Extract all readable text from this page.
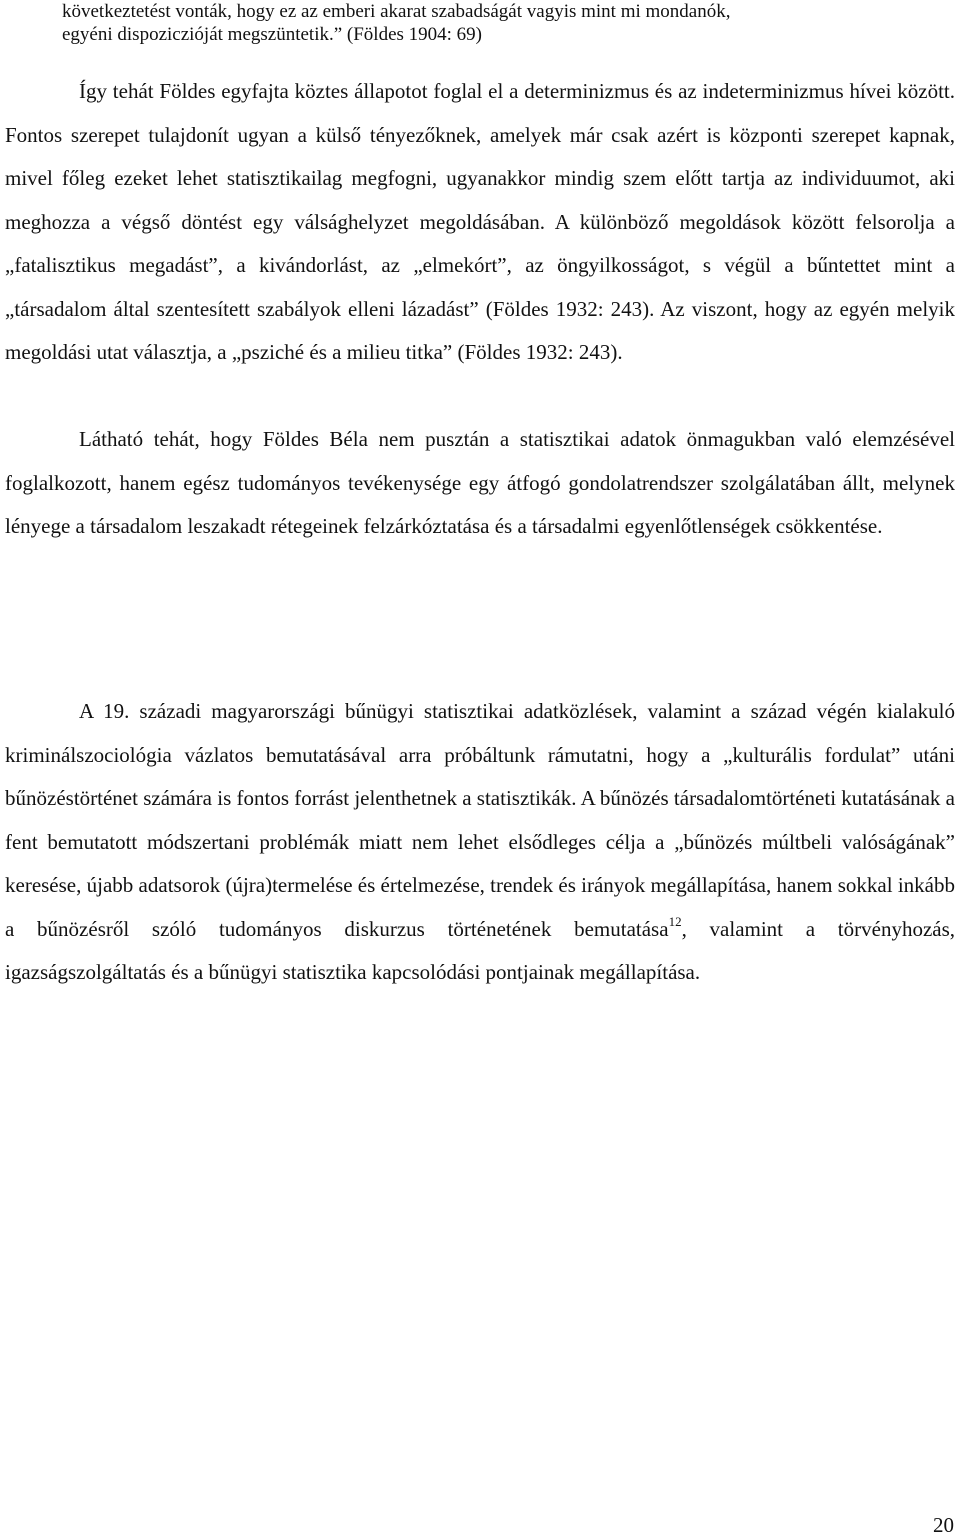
következtetést vonták, hogy ez az emberi akarat szabadságát vagyis mint mi mondanók,
egyéni dispoziczióját megszüntetik.” (Földes 1904: 69)

Így tehát Földes egyfajta köztes állapotot foglal el a determinizmus és az indeterminizmus hívei között. Fontos szerepet tulajdonít ugyan a külső tényezőknek, amelyek már csak azért is központi szerepet kapnak, mivel főleg ezeket lehet statisztikailag megfogni, ugyanakkor mindig szem előtt tartja az individuumot, aki meghozza a végső döntést egy válsághelyzet megoldásában. A különböző megoldások között felsorolja a „fatalisztikus megadást”, a kivándorlást, az „elmekórt”, az öngyilkosságot, s végül a bűntettet mint a „társadalom által szentesített szabályok elleni lázadást” (Földes 1932: 243). Az viszont, hogy az egyén melyik megoldási utat választja, a „psziché és a milieu titka” (Földes 1932: 243).

Látható tehát, hogy Földes Béla nem pusztán a statisztikai adatok önmagukban való elemzésével foglalkozott, hanem egész tudományos tevékenysége egy átfogó gondolatrendszer szolgálatában állt, melynek lényege a társadalom leszakadt rétegeinek felzárkóztatása és a társadalmi egyenlőtlenségek csökkentése.

A 19. századi magyarországi bűnügyi statisztikai adatközlések, valamint a század végén kialakuló kriminálszociológia vázlatos bemutatásával arra próbáltunk rámutatni, hogy a „kulturális fordulat” utáni bűnözéstörténet számára is fontos forrást jelenthetnek a statisztikák. A bűnözés társadalomtörténeti kutatásának a fent bemutatott módszertani problémák miatt nem lehet elsődleges célja a „bűnözés múltbeli valóságának” keresése, újabb adatsorok (újra)termelése és értelmezése, trendek és irányok megállapítása, hanem sokkal inkább a bűnözésről szóló tudományos diskurzus történetének bemutatása$^{12}$, valamint a törvényhozás, igazságszolgáltatás és a bűnügyi statisztika kapcsolódási pontjainak megállapítása.

20
